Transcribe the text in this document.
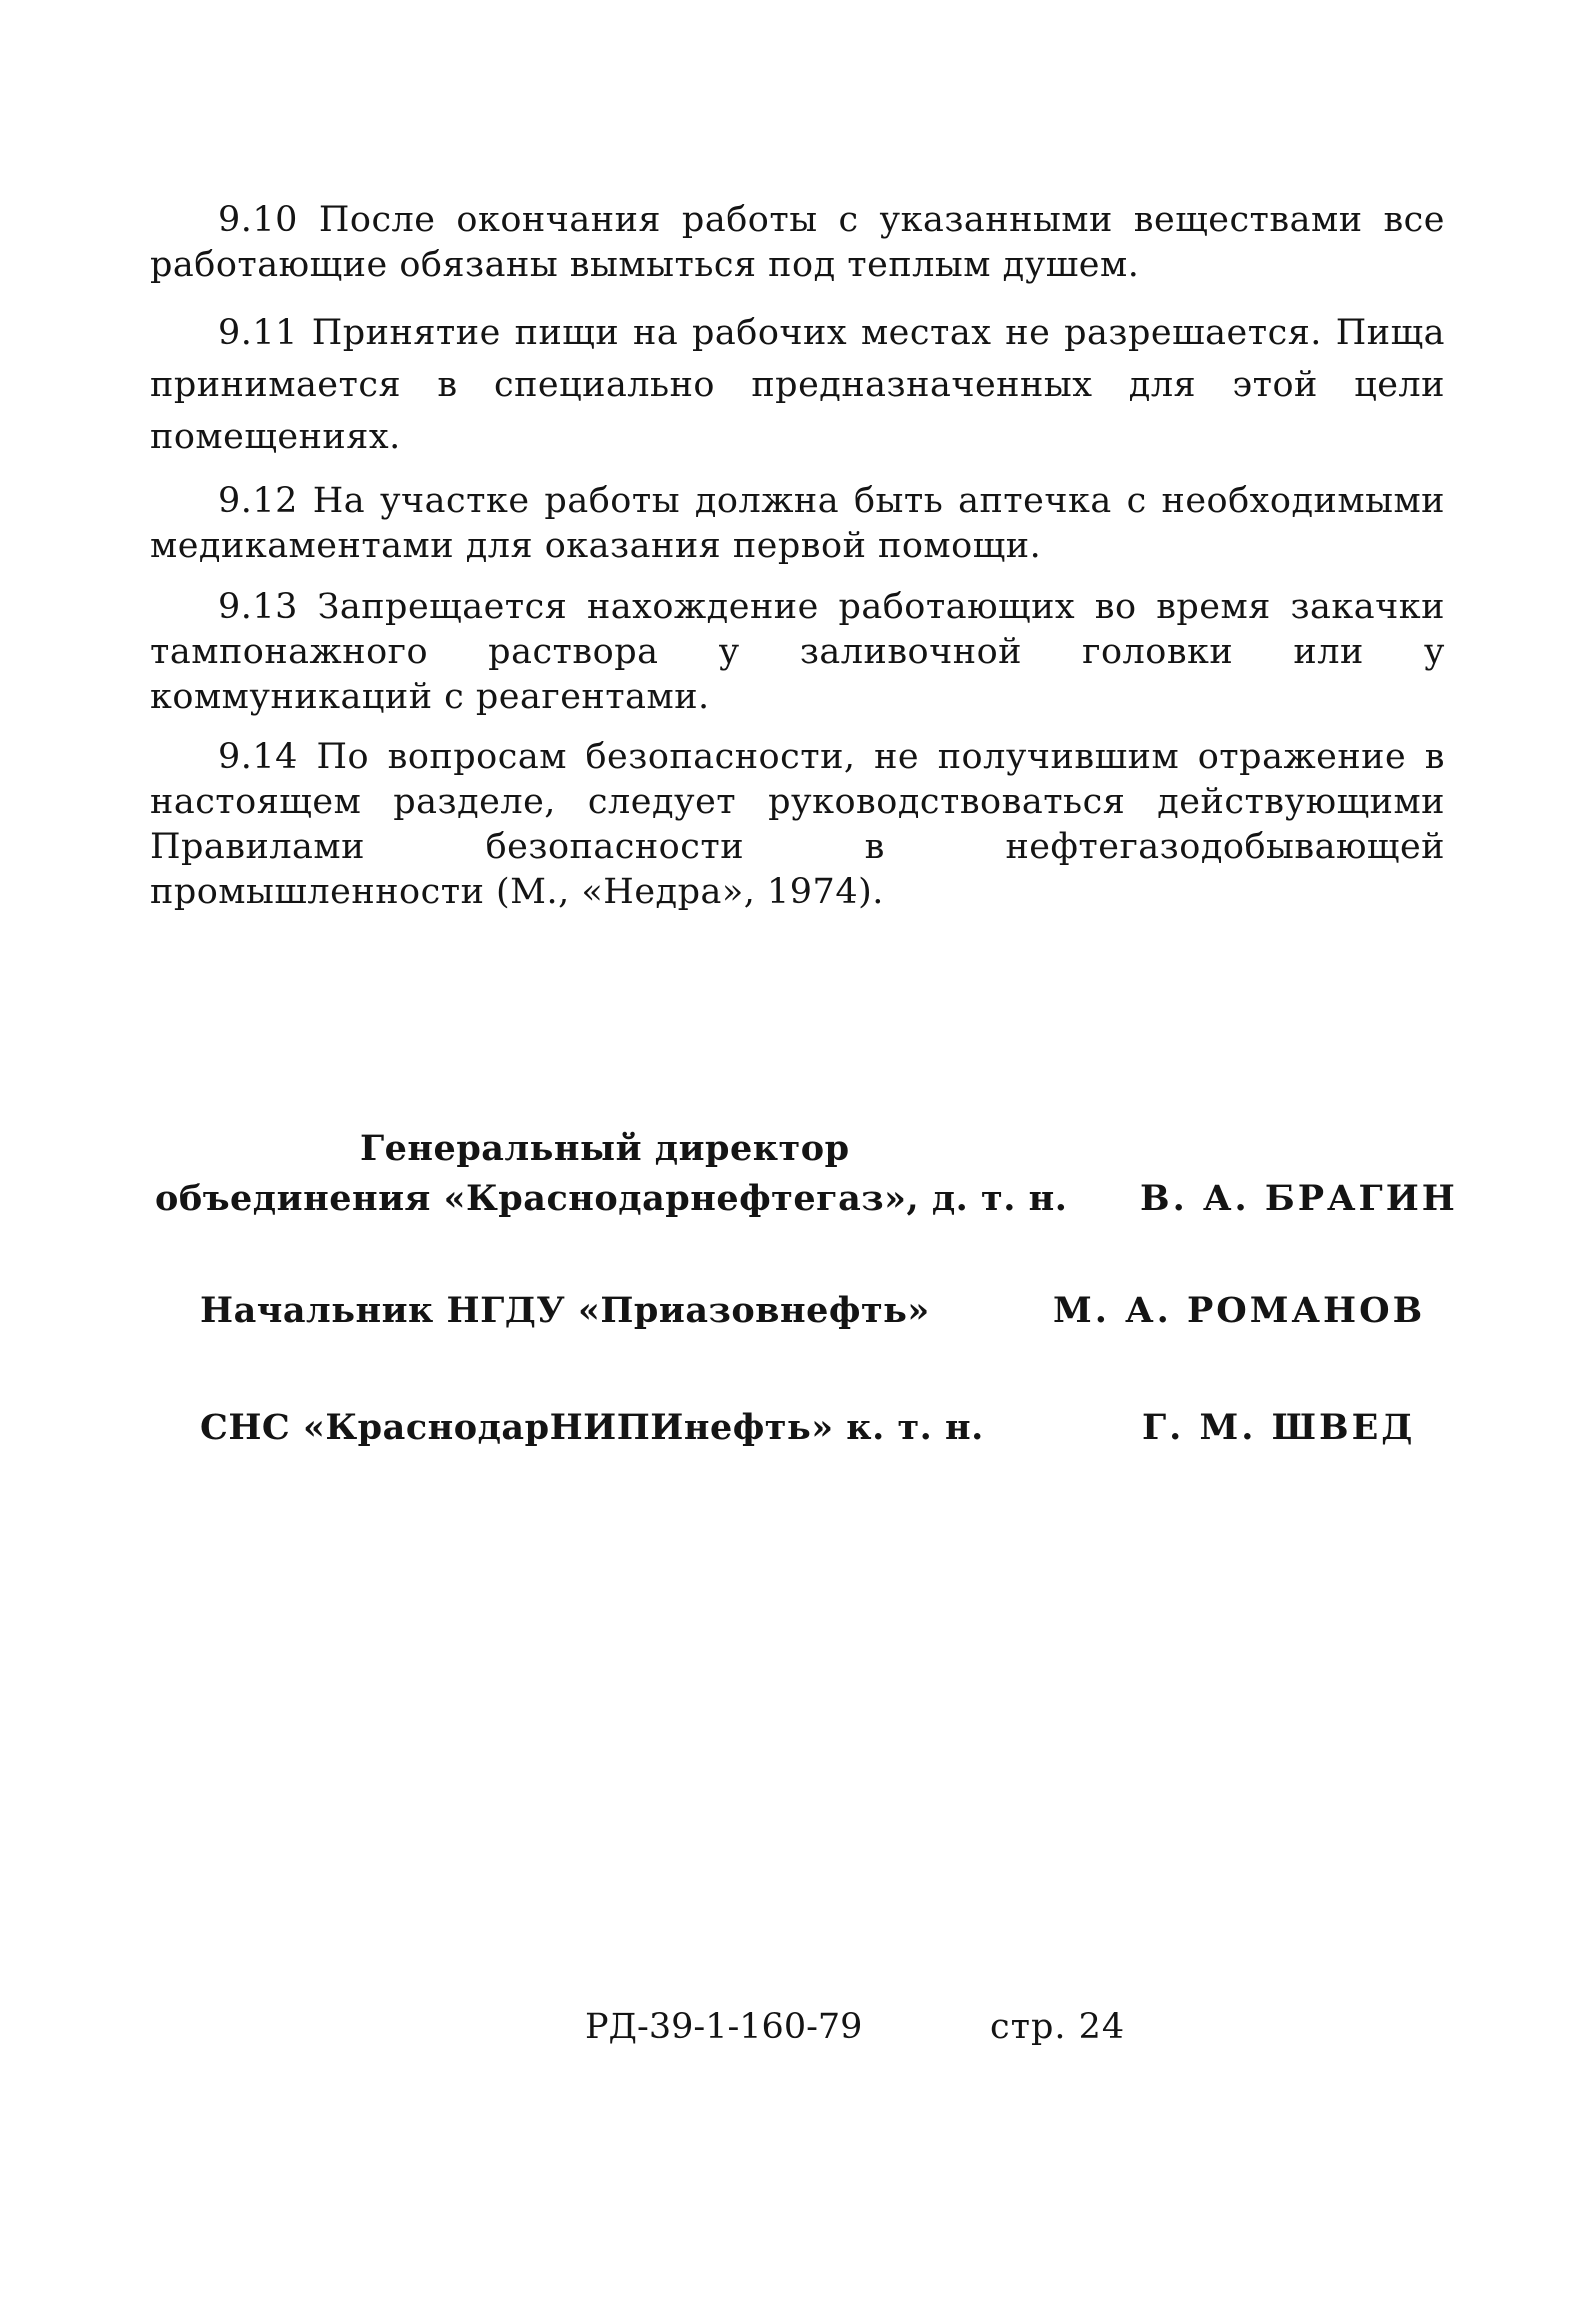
9.10 После окончания работы с указанными веществами все работающие обязаны вымыться под теплым душем.

9.11 Принятие пищи на рабочих местах не разрешается. Пища принимается в специально предназначенных для этой цели помещениях.

9.12 На участке работы должна быть аптечка с необходимыми медикаментами для оказания первой помощи.

9.13 Запрещается нахождение работающих во время закачки тампонажного раствора у заливочной головки или у коммуникаций с реагентами.

9.14 По вопросам безопасности, не получившим отражение в настоящем разделе, следует руководствоваться действующими Правилами безопасности в нефтегазодобывающей промышленности (М., «Недра», 1974).

Генеральный директор
объединения «Краснодарнефтегаз», д. т. н. В. А. БРАГИН
Начальник НГДУ «Приазовнефть»	М. А. РОМАНОВ
СНС «КраснодарНИПИнефть» к. т. н.	Г. М. ШВЕД
РД-39-1-160-79	стр. 24
